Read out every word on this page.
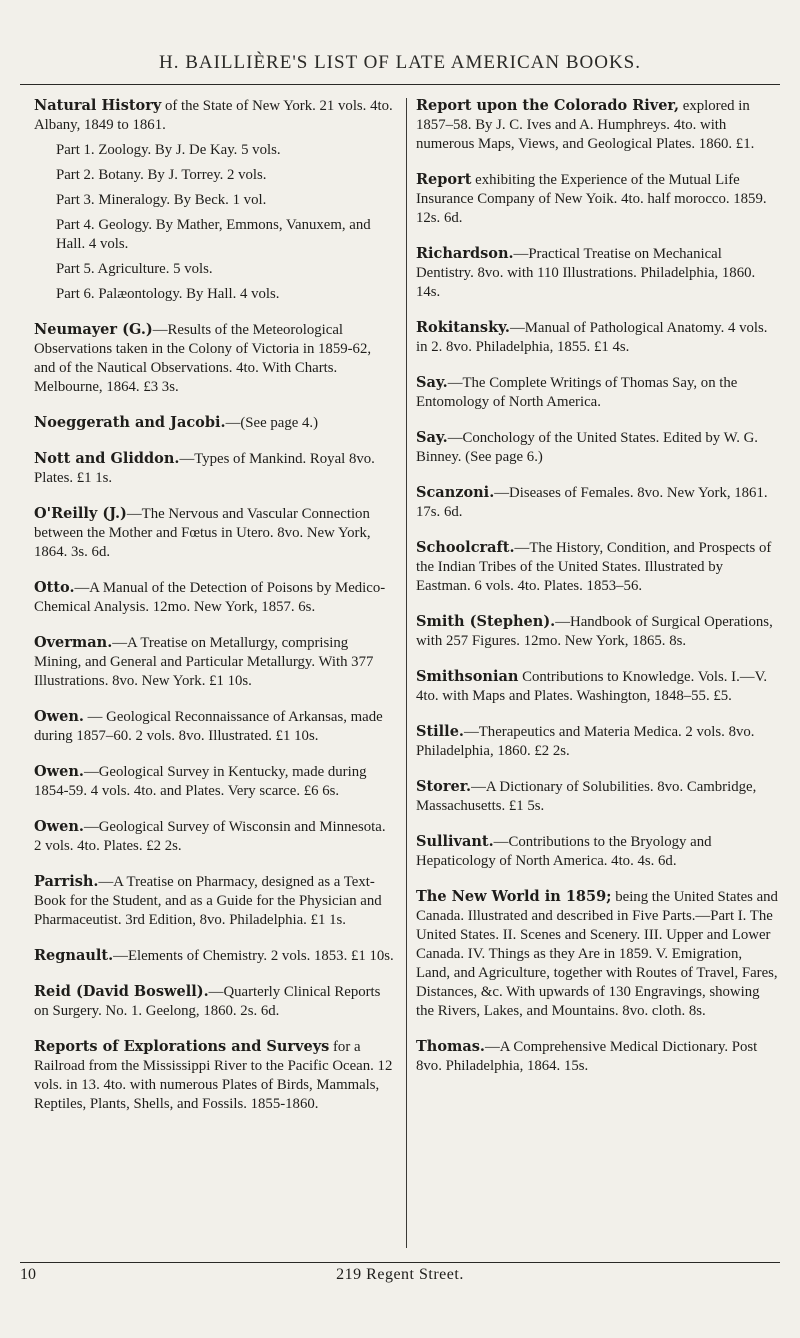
H. BAILLIÈRE'S LIST OF LATE AMERICAN BOOKS.
Natural History of the State of New York. 21 vols. 4to. Albany, 1849 to 1861.
Part 1. Zoology. By J. De Kay. 5 vols.
Part 2. Botany. By J. Torrey. 2 vols.
Part 3. Mineralogy. By Beck. 1 vol.
Part 4. Geology. By Mather, Emmons, Vanuxem, and Hall. 4 vols.
Part 5. Agriculture. 5 vols.
Part 6. Palæontology. By Hall. 4 vols.
Neumayer (G.)—Results of the Meteorological Observations taken in the Colony of Victoria in 1859-62, and of the Nautical Observations. 4to. With Charts. Melbourne, 1864. £3 3s.
Noeggerath and Jacobi.—(See page 4.)
Nott and Gliddon.—Types of Mankind. Royal 8vo. Plates. £1 1s.
O'Reilly (J.)—The Nervous and Vascular Connection between the Mother and Fœtus in Utero. 8vo. New York, 1864. 3s. 6d.
Otto.—A Manual of the Detection of Poisons by Medico-Chemical Analysis. 12mo. New York, 1857. 6s.
Overman.—A Treatise on Metallurgy, comprising Mining, and General and Particular Metallurgy. With 377 Illustrations. 8vo. New York. £1 10s.
Owen. — Geological Reconnaissance of Arkansas, made during 1857–60. 2 vols. 8vo. Illustrated. £1 10s.
Owen.—Geological Survey in Kentucky, made during 1854-59. 4 vols. 4to. and Plates. Very scarce. £6 6s.
Owen.—Geological Survey of Wisconsin and Minnesota. 2 vols. 4to. Plates. £2 2s.
Parrish.—A Treatise on Pharmacy, designed as a Text-Book for the Student, and as a Guide for the Physician and Pharmaceutist. 3rd Edition, 8vo. Philadelphia. £1 1s.
Regnault.—Elements of Chemistry. 2 vols. 1853. £1 10s.
Reid (David Boswell).—Quarterly Clinical Reports on Surgery. No. 1. Geelong, 1860. 2s. 6d.
Reports of Explorations and Surveys for a Railroad from the Mississippi River to the Pacific Ocean. 12 vols. in 13. 4to. with numerous Plates of Birds, Mammals, Reptiles, Plants, Shells, and Fossils. 1855-1860.
Report upon the Colorado River, explored in 1857–58. By J. C. Ives and A. Humphreys. 4to. with numerous Maps, Views, and Geological Plates. 1860. £1.
Report exhibiting the Experience of the Mutual Life Insurance Company of New Yoik. 4to. half morocco. 1859. 12s. 6d.
Richardson.—Practical Treatise on Mechanical Dentistry. 8vo. with 110 Illustrations. Philadelphia, 1860. 14s.
Rokitansky.—Manual of Pathological Anatomy. 4 vols. in 2. 8vo. Philadelphia, 1855. £1 4s.
Say.—The Complete Writings of Thomas Say, on the Entomology of North America.
Say.—Conchology of the United States. Edited by W. G. Binney. (See page 6.)
Scanzoni.—Diseases of Females. 8vo. New York, 1861. 17s. 6d.
Schoolcraft.—The History, Condition, and Prospects of the Indian Tribes of the United States. Illustrated by Eastman. 6 vols. 4to. Plates. 1853–56.
Smith (Stephen).—Handbook of Surgical Operations, with 257 Figures. 12mo. New York, 1865. 8s.
Smithsonian Contributions to Knowledge. Vols. I.—V. 4to. with Maps and Plates. Washington, 1848–55. £5.
Stille.—Therapeutics and Materia Medica. 2 vols. 8vo. Philadelphia, 1860. £2 2s.
Storer.—A Dictionary of Solubilities. 8vo. Cambridge, Massachusetts. £1 5s.
Sullivant.—Contributions to the Bryology and Hepaticology of North America. 4to. 4s. 6d.
The New World in 1859; being the United States and Canada. Illustrated and described in Five Parts.—Part I. The United States. II. Scenes and Scenery. III. Upper and Lower Canada. IV. Things as they Are in 1859. V. Emigration, Land, and Agriculture, together with Routes of Travel, Fares, Distances, &c. With upwards of 130 Engravings, showing the Rivers, Lakes, and Mountains. 8vo. cloth. 8s.
Thomas.—A Comprehensive Medical Dictionary. Post 8vo. Philadelphia, 1864. 15s.
10	219 Regent Street.
